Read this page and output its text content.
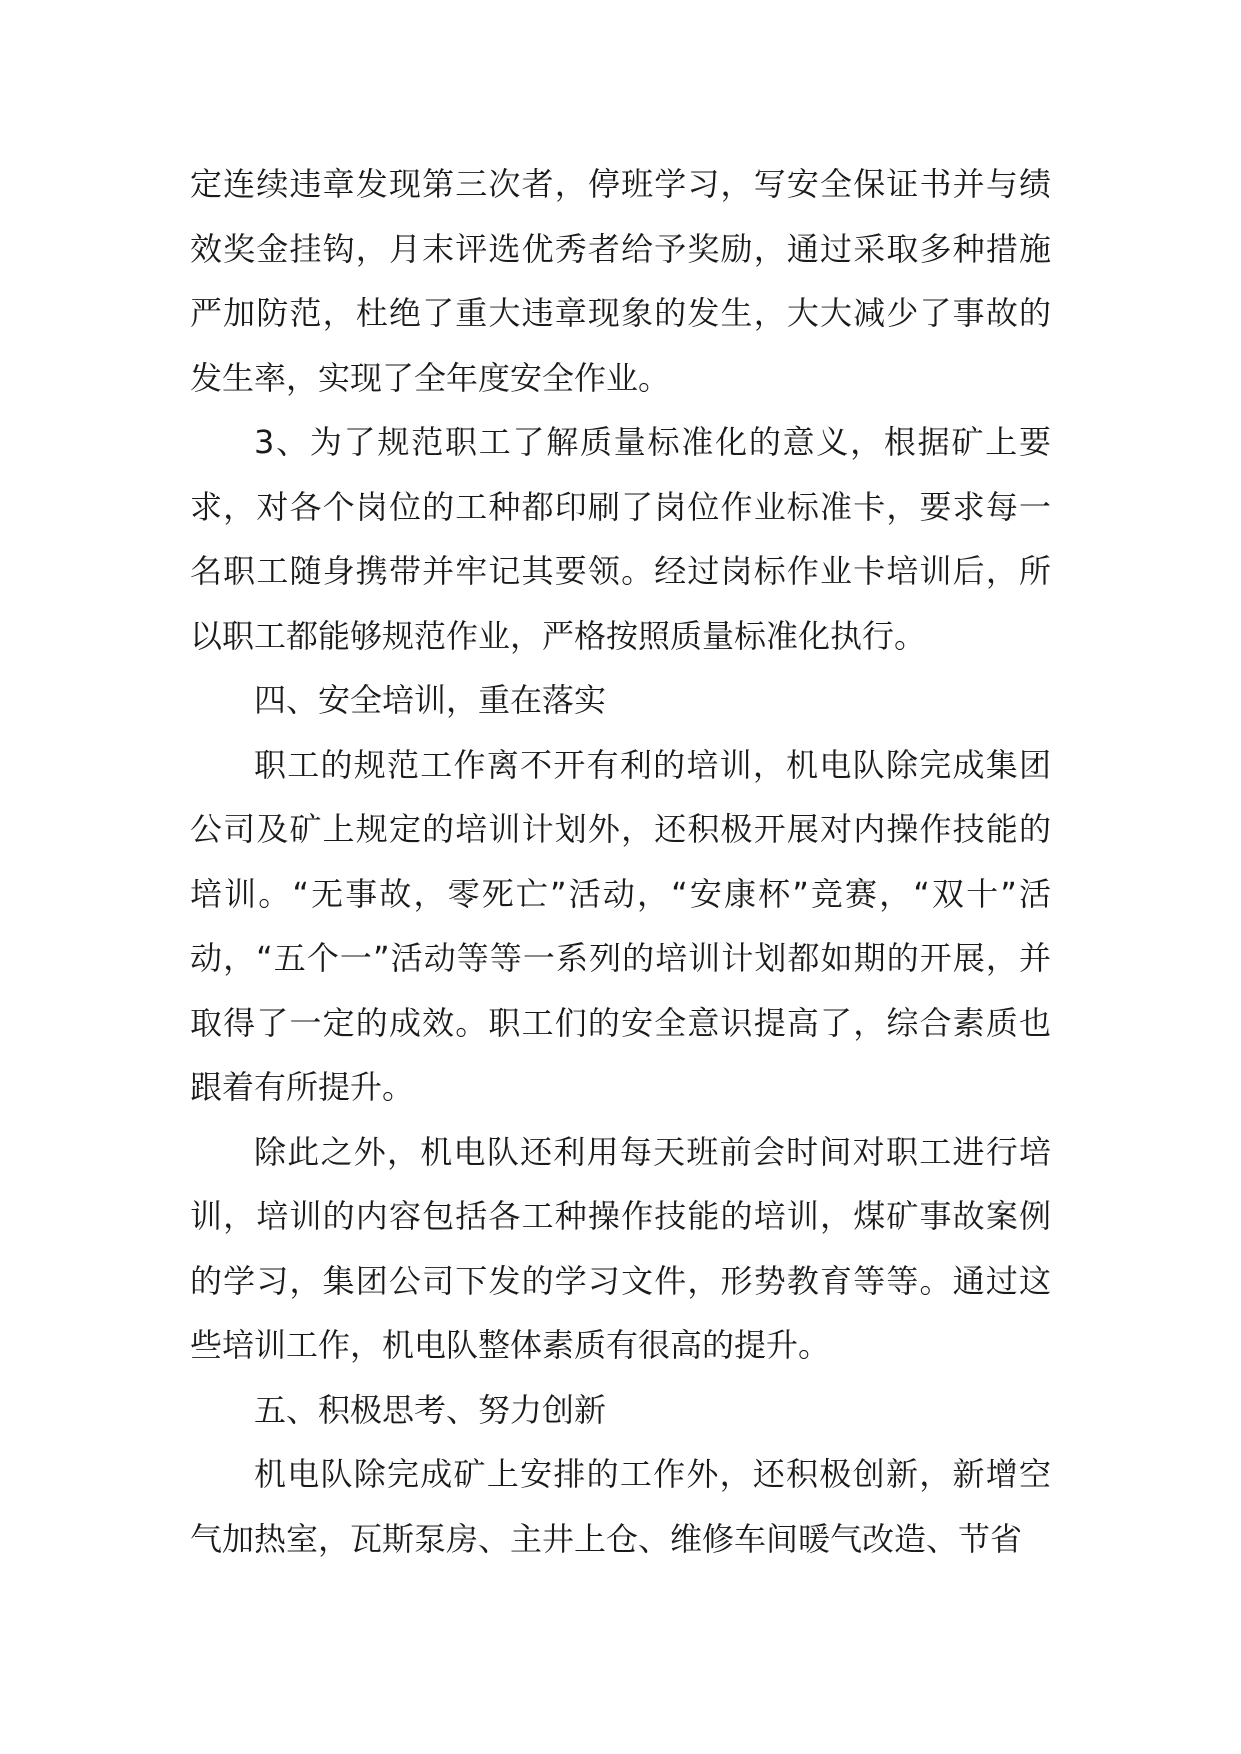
定连续违章发现第三次者，停班学习，写安全保证书并与绩效奖金挂钩，月末评选优秀者给予奖励，通过采取多种措施严加防范，杜绝了重大违章现象的发生，大大减少了事故的发生率，实现了全年度安全作业。

3、为了规范职工了解质量标准化的意义，根据矿上要求，对各个岗位的工种都印刷了岗位作业标准卡，要求每一名职工随身携带并牢记其要领。经过岗标作业卡培训后，所以职工都能够规范作业，严格按照质量标准化执行。

四、安全培训，重在落实

职工的规范工作离不开有利的培训，机电队除完成集团公司及矿上规定的培训计划外，还积极开展对内操作技能的培训。“无事故，零死亡”活动，“安康杯”竞赛，“双十”活动，“五个一”活动等等一系列的培训计划都如期的开展，并取得了一定的成效。职工们的安全意识提高了，综合素质也跟着有所提升。

除此之外，机电队还利用每天班前会时间对职工进行培训，培训的内容包括各工种操作技能的培训，煤矿事故案例的学习，集团公司下发的学习文件，形势教育等等。通过这些培训工作，机电队整体素质有很高的提升。

五、积极思考、努力创新

机电队除完成矿上安排的工作外，还积极创新，新增空气加热室，瓦斯泵房、主井上仓、维修车间暖气改造、节省
